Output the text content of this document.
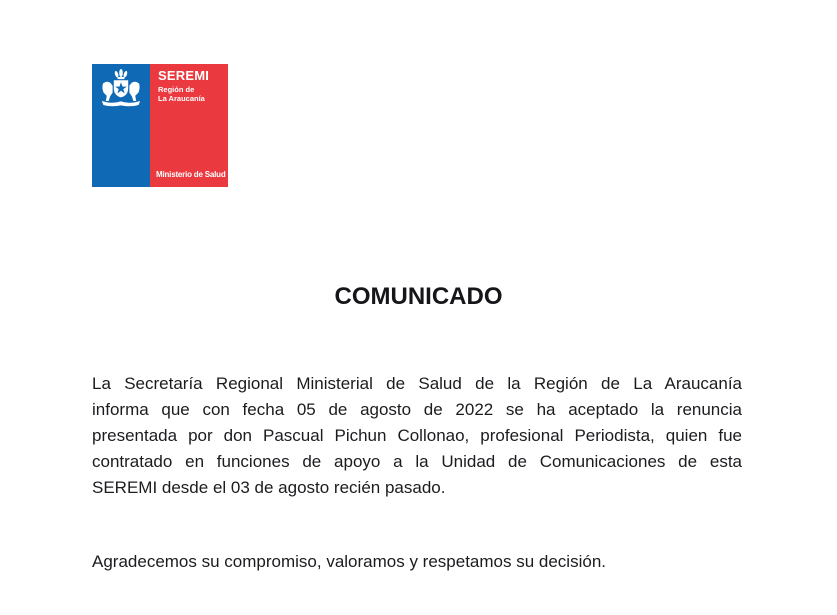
SEREMI
Región de
La Araucanía
Ministerio de Salud
COMUNICADO
La Secretaría Regional Ministerial de Salud de la Región de La Araucanía
informa que con fecha 05 de agosto de 2022 se ha aceptado la renuncia
presentada por don Pascual Pichun Collonao, profesional Periodista, quien fue
contratado en funciones de apoyo a la Unidad de Comunicaciones de esta
SEREMI desde el 03 de agosto recién pasado.
Agradecemos su compromiso, valoramos y respetamos su decisión.
